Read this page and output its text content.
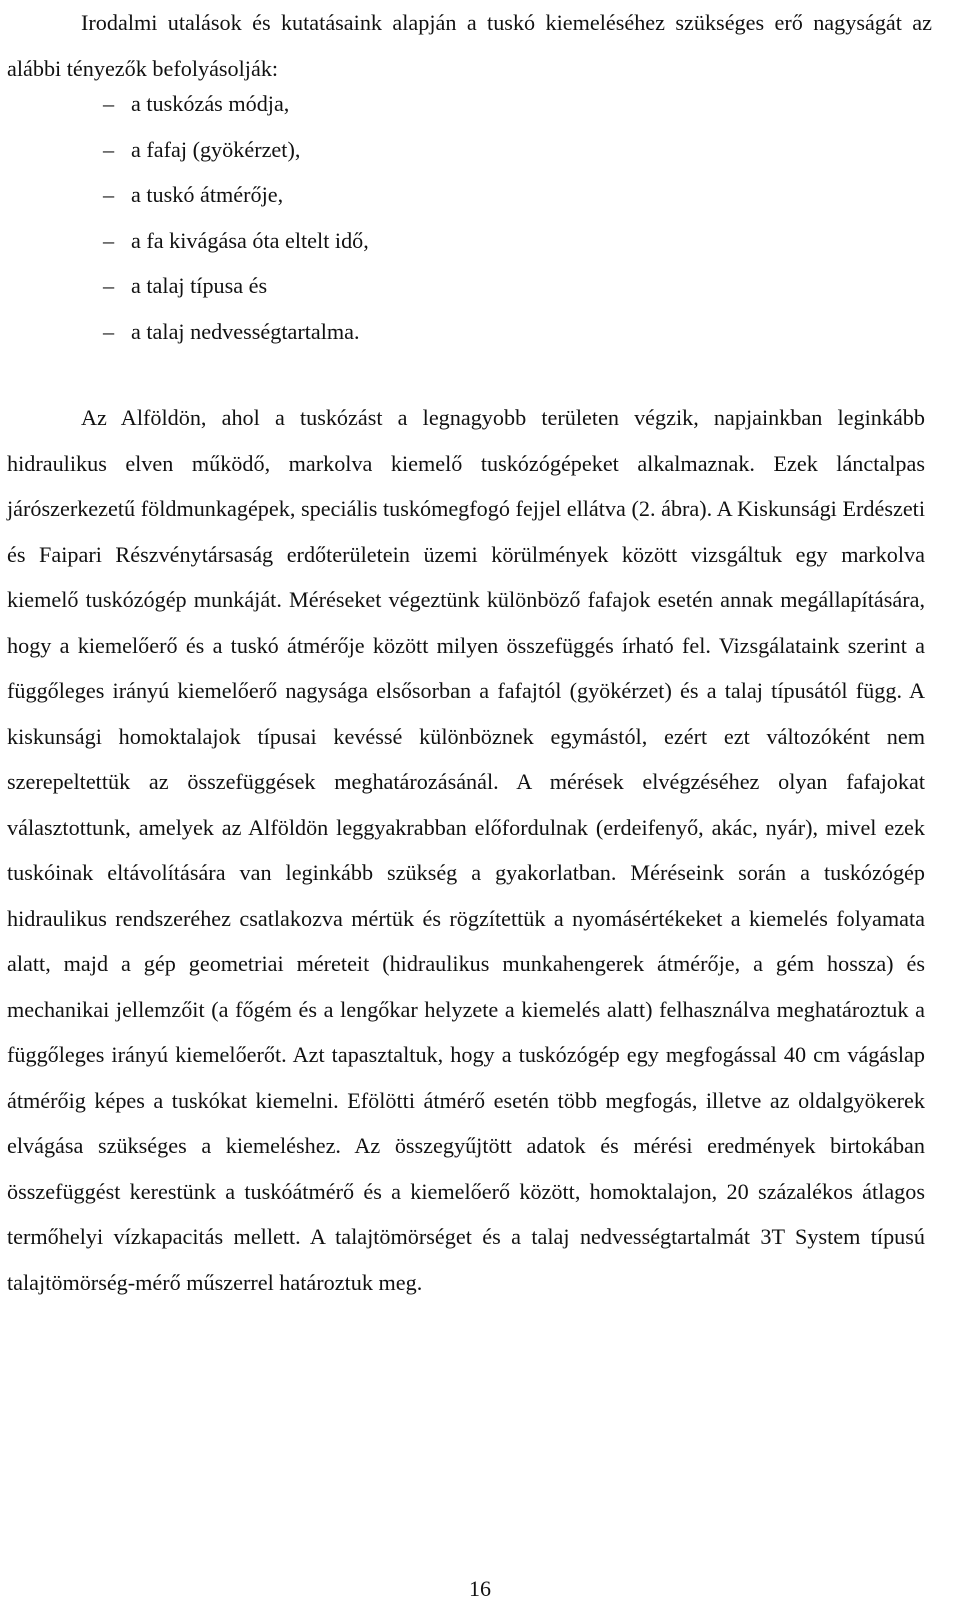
Irodalmi utalások és kutatásaink alapján a tuskó kiemeléséhez szükséges erő nagyságát az alábbi tényezők befolyásolják:

– a tuskózás módja,
– a fafaj (gyökérzet),
– a tuskó átmérője,
– a fa kivágása óta eltelt idő,
– a talaj típusa és
– a talaj nedvességtartalma.

Az Alföldön, ahol a tuskózást a legnagyobb területen végzik, napjainkban leginkább hidraulikus elven működő, markolva kiemelő tuskózógépeket alkalmaznak. Ezek lánctalpas járószerkezetű földmunkagépek, speciális tuskómegfogó fejjel ellátva (2. ábra). A Kiskunsági Erdészeti és Faipari Részvénytársaság erdőterületein üzemi körülmények között vizsgáltuk egy markolva kiemelő tuskózógép munkáját. Méréseket végeztünk különböző fafajok esetén annak megállapítására, hogy a kiemelőerő és a tuskó átmérője között milyen összefüggés írható fel. Vizsgálataink szerint a függőleges irányú kiemelőerő nagysága elsősorban a fafajtól (gyökérzet) és a talaj típusától függ. A kiskunsági homoktalajok típusai kevéssé különböznek egymástól, ezért ezt változóként nem szerepeltettük az összefüggések meghatározásánál. A mérések elvégzéséhez olyan fafajokat választottunk, amelyek az Alföldön leggyakrabban előfordulnak (erdeifenyő, akác, nyár), mivel ezek tuskóinak eltávolítására van leginkább szükség a gyakorlatban. Méréseink során a tuskózógép hidraulikus rendszeréhez csatlakozva mértük és rögzítettük a nyomásértékeket a kiemelés folyamata alatt, majd a gép geometriai méreteit (hidraulikus munkahengerek átmérője, a gém hossza) és mechanikai jellemzőit (a főgém és a lengőkar helyzete a kiemelés alatt) felhasználva meghatároztuk a függőleges irányú kiemelőerőt. Azt tapasztaltuk, hogy a tuskózógép egy megfogással 40 cm vágáslap átmérőig képes a tuskókat kiemelni. Efölötti átmérő esetén több megfogás, illetve az oldalgyökerek elvágása szükséges a kiemeléshez. Az összegyűjtött adatok és mérési eredmények birtokában összefüggést kerestünk a tuskóátmérő és a kiemelőerő között, homoktalajon, 20 százalékos átlagos termőhelyi vízkapacitás mellett. A talajtömörséget és a talaj nedvességtartalmát 3T System típusú talajtömörség-mérő műszerrel határoztuk meg.

16
